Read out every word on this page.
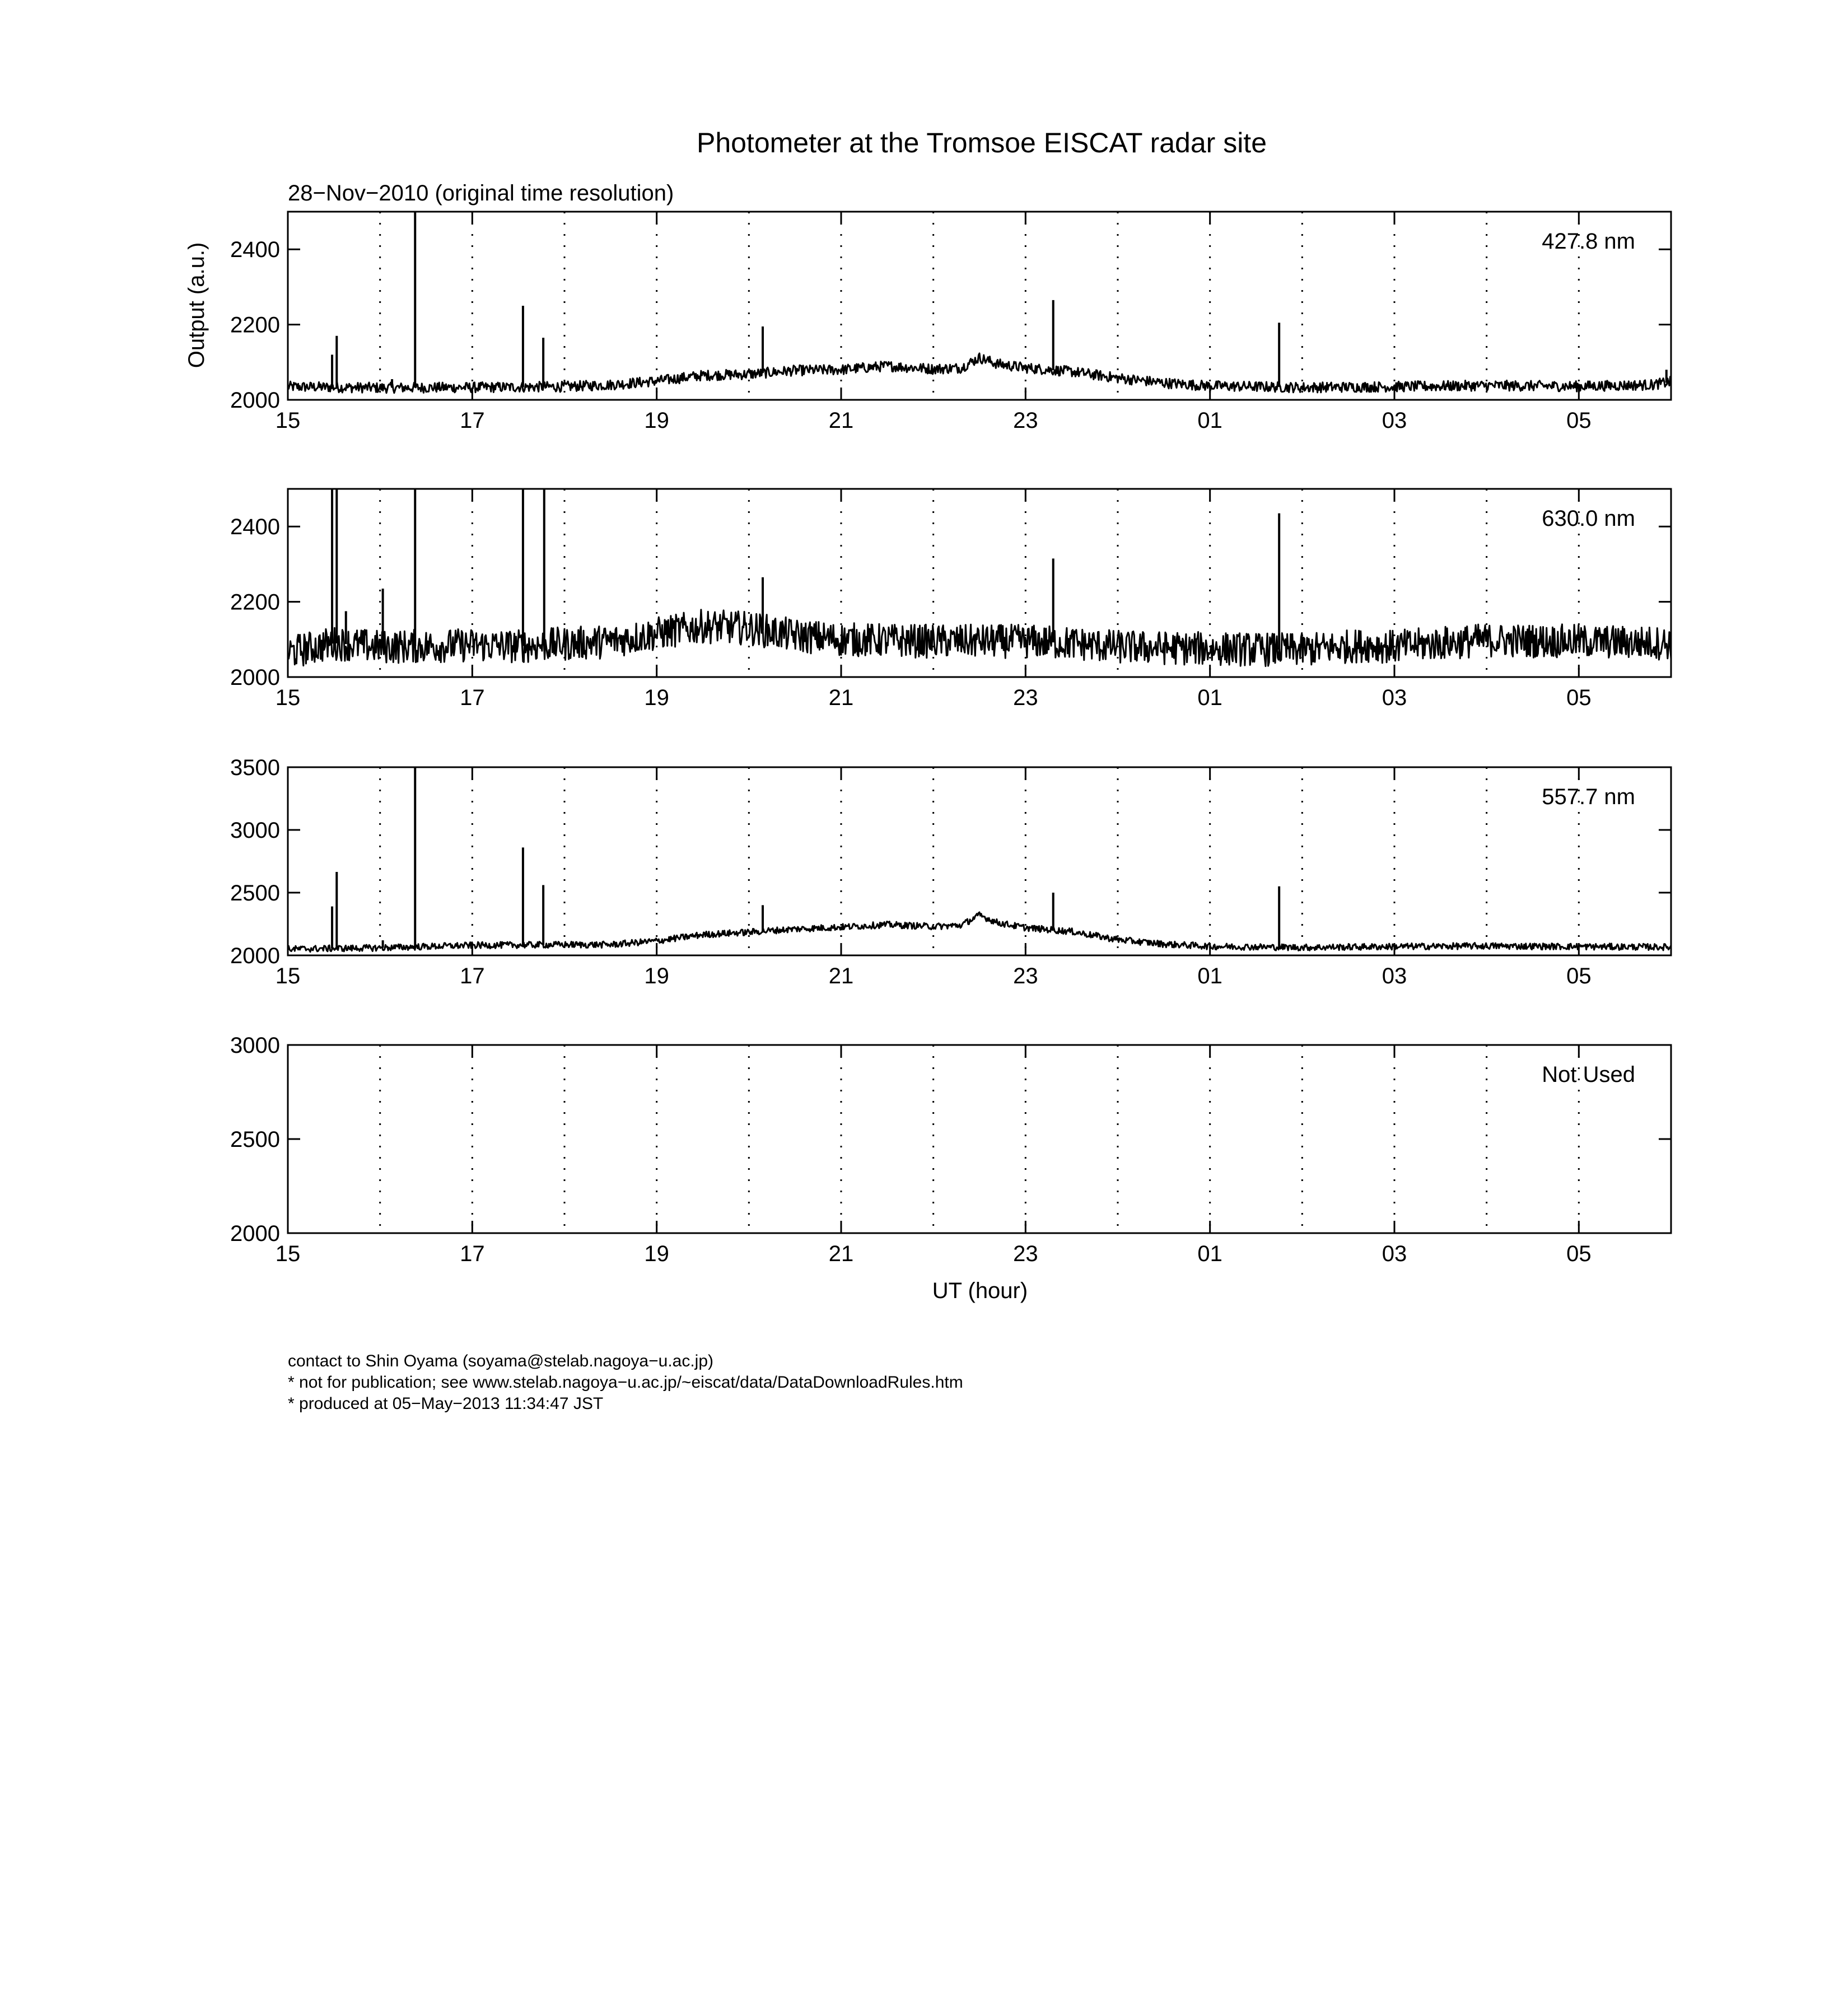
Photometer at the Tromsoe EISCAT radar site
28−Nov−2010 (original time resolution)
Output (a.u.)
UT (hour)
2000
2200
2400
15	17	19	21	23	01	03	05
427.8 nm
2000
2200
2400
15	17	19	21	23	01	03	05
630.0 nm
2000
2500
3000
3500
15	17	19	21	23	01	03	05
557.7 nm
2000
2500
3000
15	17	19	21	23	01	03	05
Not Used
contact to Shin Oyama (soyama@stelab.nagoya−u.ac.jp)
* not for publication; see www.stelab.nagoya−u.ac.jp/~eiscat/data/DataDownloadRules.htm
* produced at 05−May−2013 11:34:47 JST
